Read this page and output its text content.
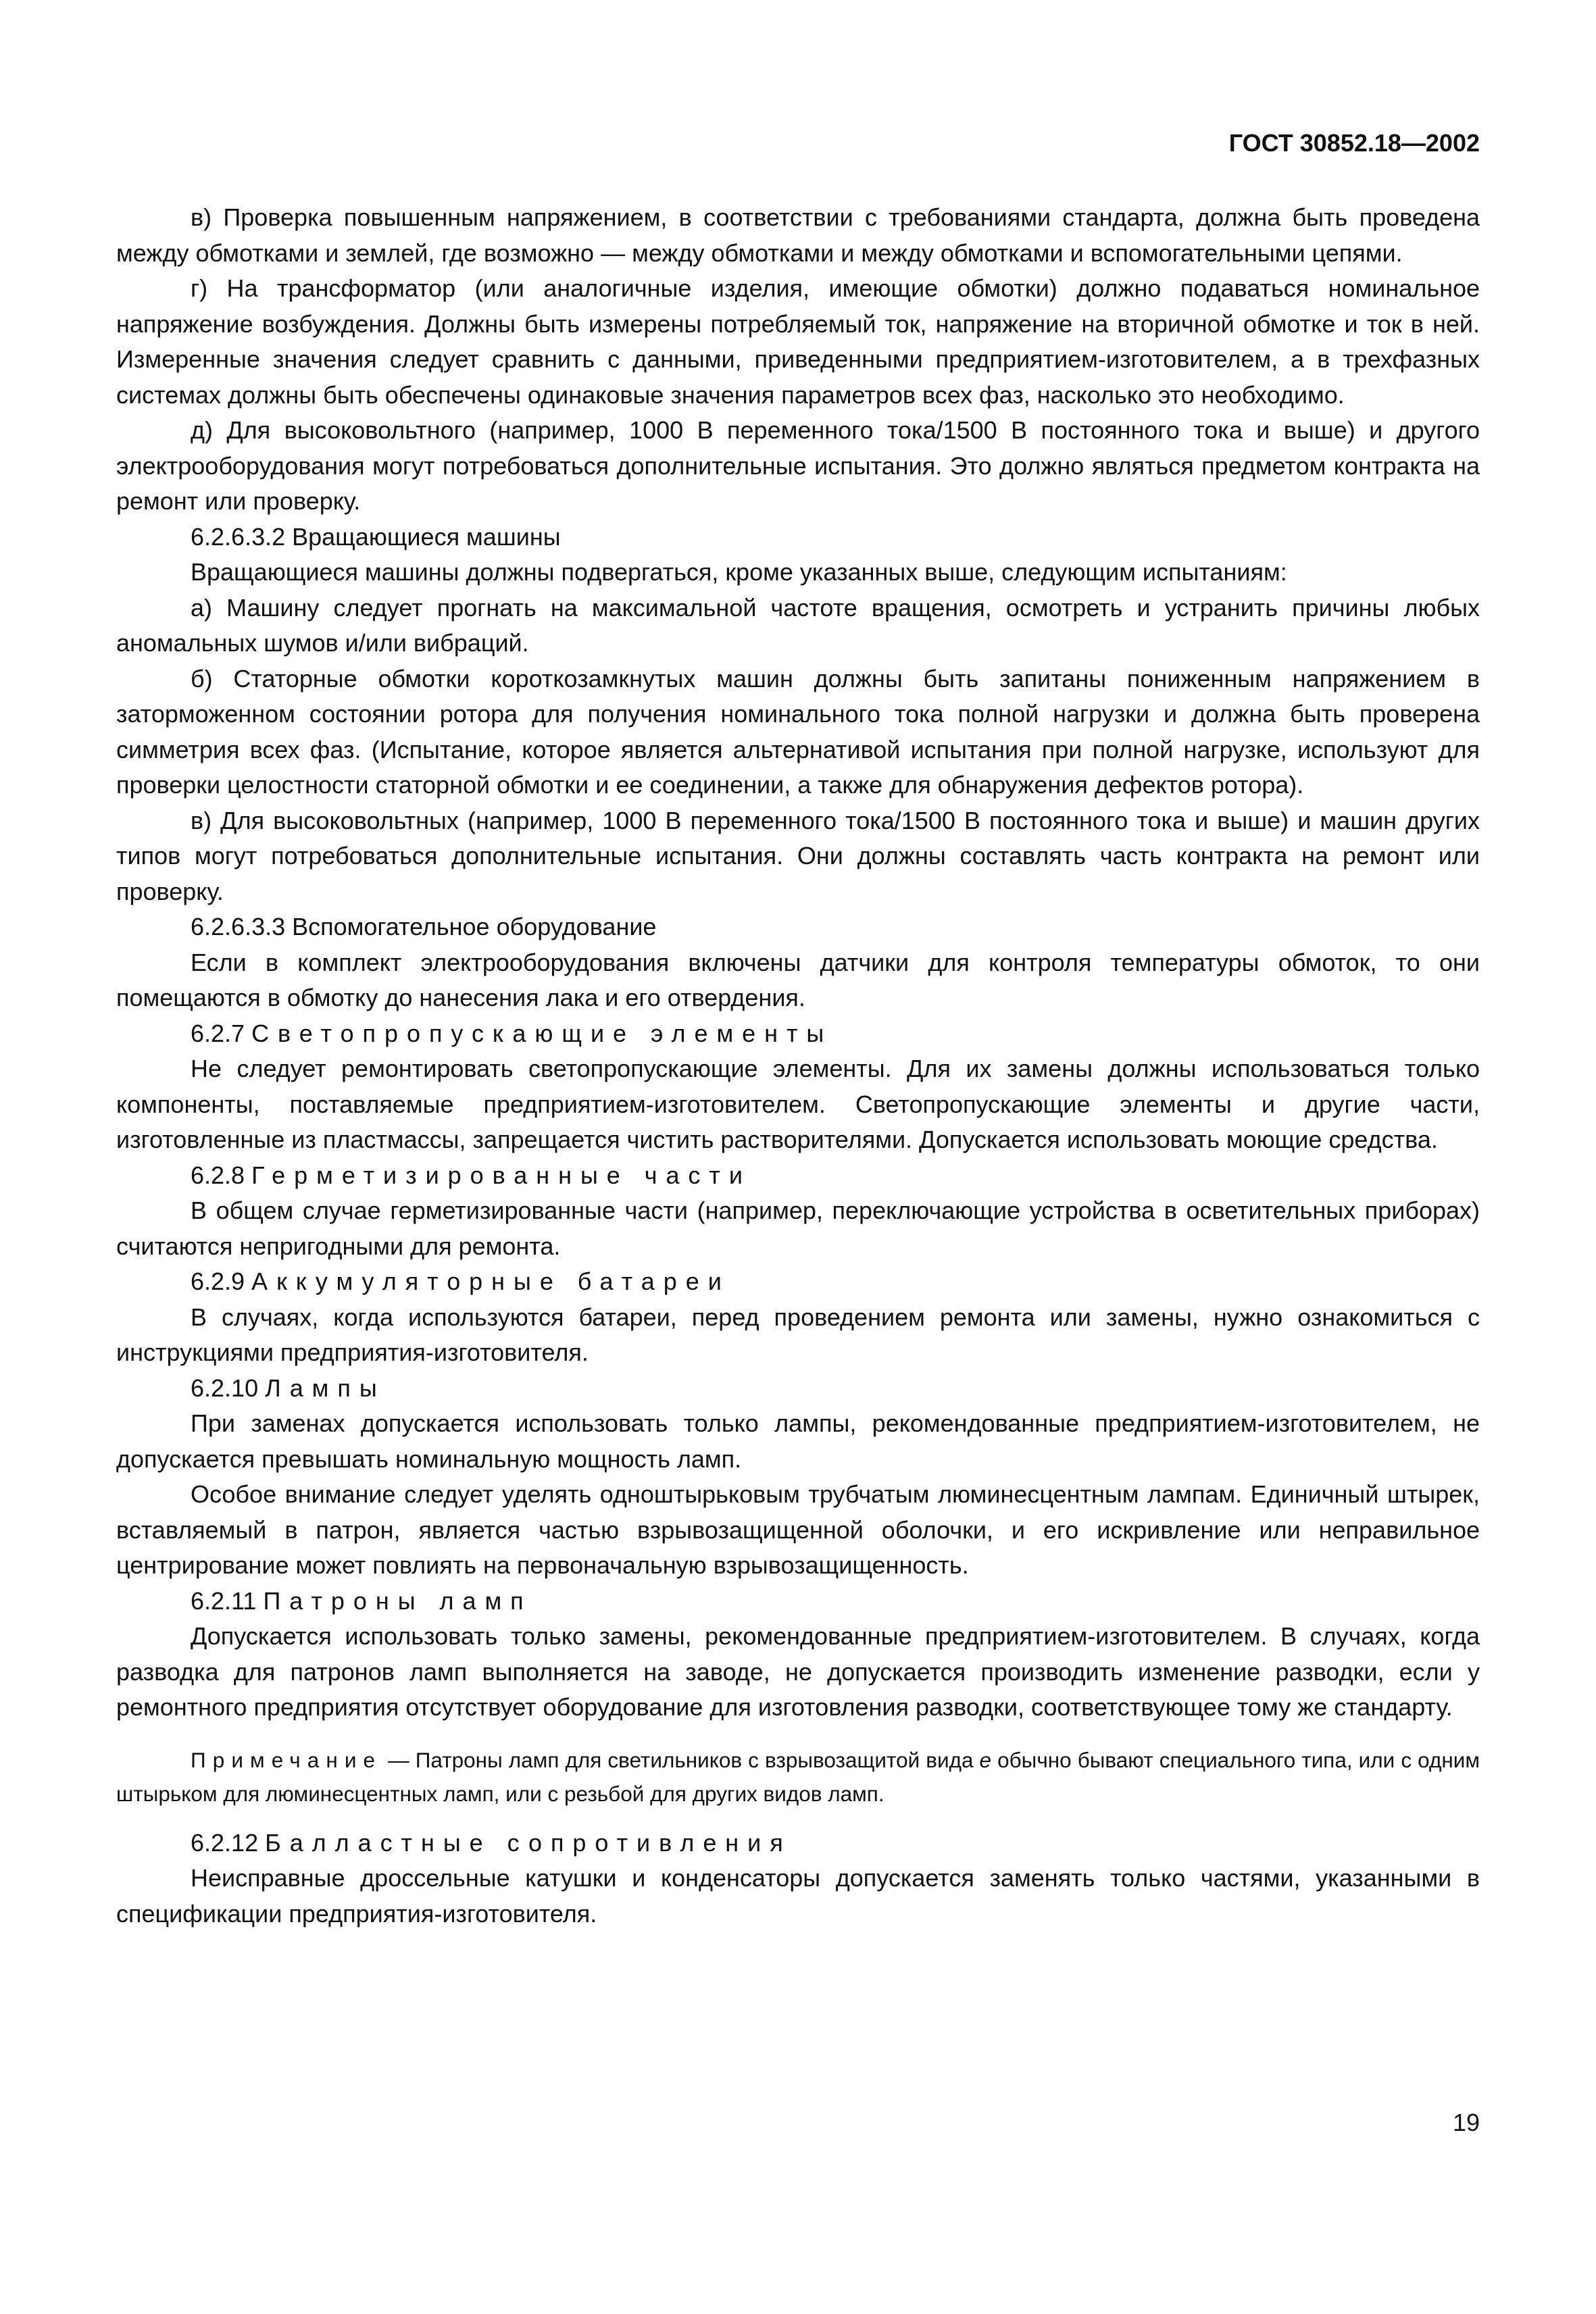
ГОСТ 30852.18—2002

в) Проверка повышенным напряжением, в соответствии с требованиями стандарта, должна быть проведена между обмотками и землей, где возможно — между обмотками и между обмотками и вспомогательными цепями.

г) На трансформатор (или аналогичные изделия, имеющие обмотки) должно подаваться номинальное напряжение возбуждения. Должны быть измерены потребляемый ток, напряжение на вторичной обмотке и ток в ней. Измеренные значения следует сравнить с данными, приведенными предприятием-изготовителем, а в трехфазных системах должны быть обеспечены одинаковые значения параметров всех фаз, насколько это необходимо.

д) Для высоковольтного (например, 1000 В переменного тока/1500 В постоянного тока и выше) и другого электрооборудования могут потребоваться дополнительные испытания. Это должно являться предметом контракта на ремонт или проверку.

6.2.6.3.2 Вращающиеся машины

Вращающиеся машины должны подвергаться, кроме указанных выше, следующим испытаниям:

а) Машину следует прогнать на максимальной частоте вращения, осмотреть и устранить причины любых аномальных шумов и/или вибраций.

б) Статорные обмотки короткозамкнутых машин должны быть запитаны пониженным напряжением в заторможенном состоянии ротора для получения номинального тока полной нагрузки и должна быть проверена симметрия всех фаз. (Испытание, которое является альтернативой испытания при полной нагрузке, используют для проверки целостности статорной обмотки и ее соединении, а также для обнаружения дефектов ротора).

в) Для высоковольтных (например, 1000 В переменного тока/1500 В постоянного тока и выше) и машин других типов могут потребоваться дополнительные испытания. Они должны составлять часть контракта на ремонт или проверку.

6.2.6.3.3 Вспомогательное оборудование

Если в комплект электрооборудования включены датчики для контроля температуры обмоток, то они помещаются в обмотку до нанесения лака и его отвердения.

6.2.7 Светопропускающие элементы

Не следует ремонтировать светопропускающие элементы. Для их замены должны использоваться только компоненты, поставляемые предприятием-изготовителем. Светопропускающие элементы и другие части, изготовленные из пластмассы, запрещается чистить растворителями. Допускается использовать моющие средства.

6.2.8 Герметизированные части

В общем случае герметизированные части (например, переключающие устройства в осветительных приборах) считаются непригодными для ремонта.

6.2.9 Аккумуляторные батареи

В случаях, когда используются батареи, перед проведением ремонта или замены, нужно ознакомиться с инструкциями предприятия-изготовителя.

6.2.10 Лампы

При заменах допускается использовать только лампы, рекомендованные предприятием-изготовителем, не допускается превышать номинальную мощность ламп.

Особое внимание следует уделять одноштырьковым трубчатым люминесцентным лампам. Единичный штырек, вставляемый в патрон, является частью взрывозащищенной оболочки, и его искривление или неправильное центрирование может повлиять на первоначальную взрывозащищенность.

6.2.11 Патроны ламп

Допускается использовать только замены, рекомендованные предприятием-изготовителем. В случаях, когда разводка для патронов ламп выполняется на заводе, не допускается производить изменение разводки, если у ремонтного предприятия отсутствует оборудование для изготовления разводки, соответствующее тому же стандарту.

Примечание — Патроны ламп для светильников с взрывозащитой вида e обычно бывают специального типа, или с одним штырьком для люминесцентных ламп, или с резьбой для других видов ламп.

6.2.12 Балластные сопротивления

Неисправные дроссельные катушки и конденсаторы допускается заменять только частями, указанными в спецификации предприятия-изготовителя.

19
